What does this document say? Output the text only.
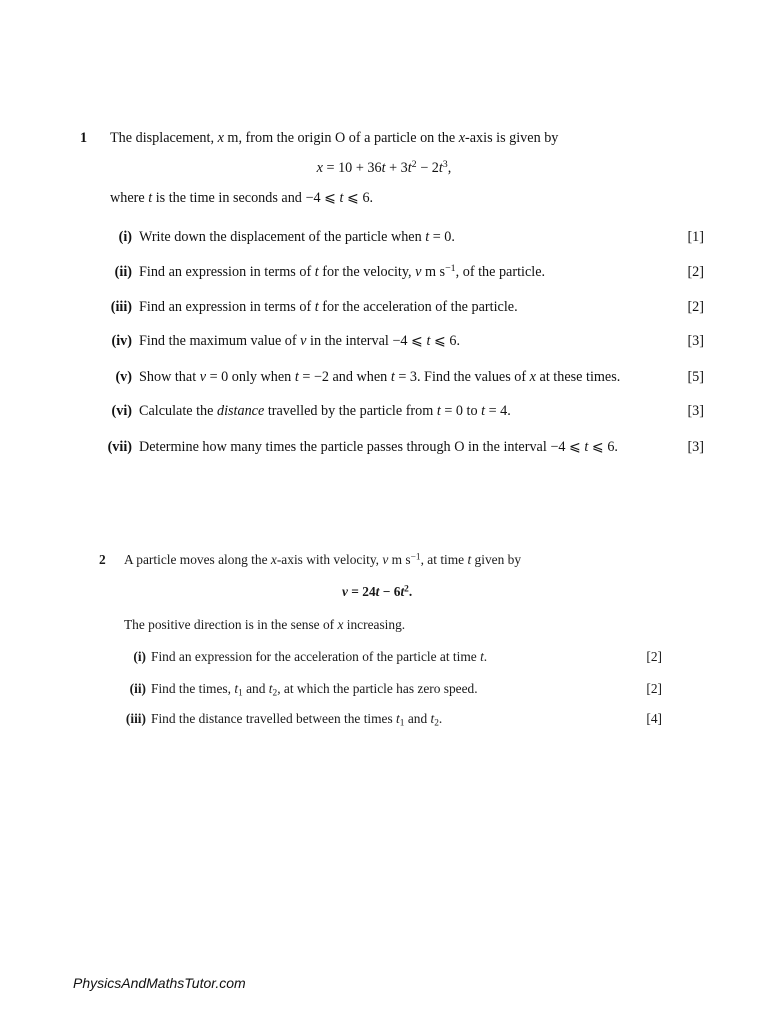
1 The displacement, x m, from the origin O of a particle on the x-axis is given by
$x = 10 + 36t + 3t^2 - 2t^3$,
where t is the time in seconds and −4 ⩽ t ⩽ 6.
(i) Write down the displacement of the particle when t = 0.	[1]
(ii) Find an expression in terms of t for the velocity, v m $s^{-1}$, of the particle.	[2]
(iii) Find an expression in terms of t for the acceleration of the particle.	[2]
(iv) Find the maximum value of v in the interval −4 ⩽ t ⩽ 6.	[3]
(v) Show that v = 0 only when t = −2 and when t = 3. Find the values of x at these times.	[5]
(vi) Calculate the distance travelled by the particle from t = 0 to t = 4.	[3]
(vii) Determine how many times the particle passes through O in the interval −4 ⩽ t ⩽ 6.	[3]
2 A particle moves along the x-axis with velocity, v m $s^{-1}$, at time t given by
$v = 24t - 6t^2$.
The positive direction is in the sense of x increasing.
(i) Find an expression for the acceleration of the particle at time t.	[2]
(ii) Find the times, $t_1$ and $t_2$, at which the particle has zero speed.	[2]
(iii) Find the distance travelled between the times $t_1$ and $t_2$.	[4]
PhysicsAndMathsTutor.com
